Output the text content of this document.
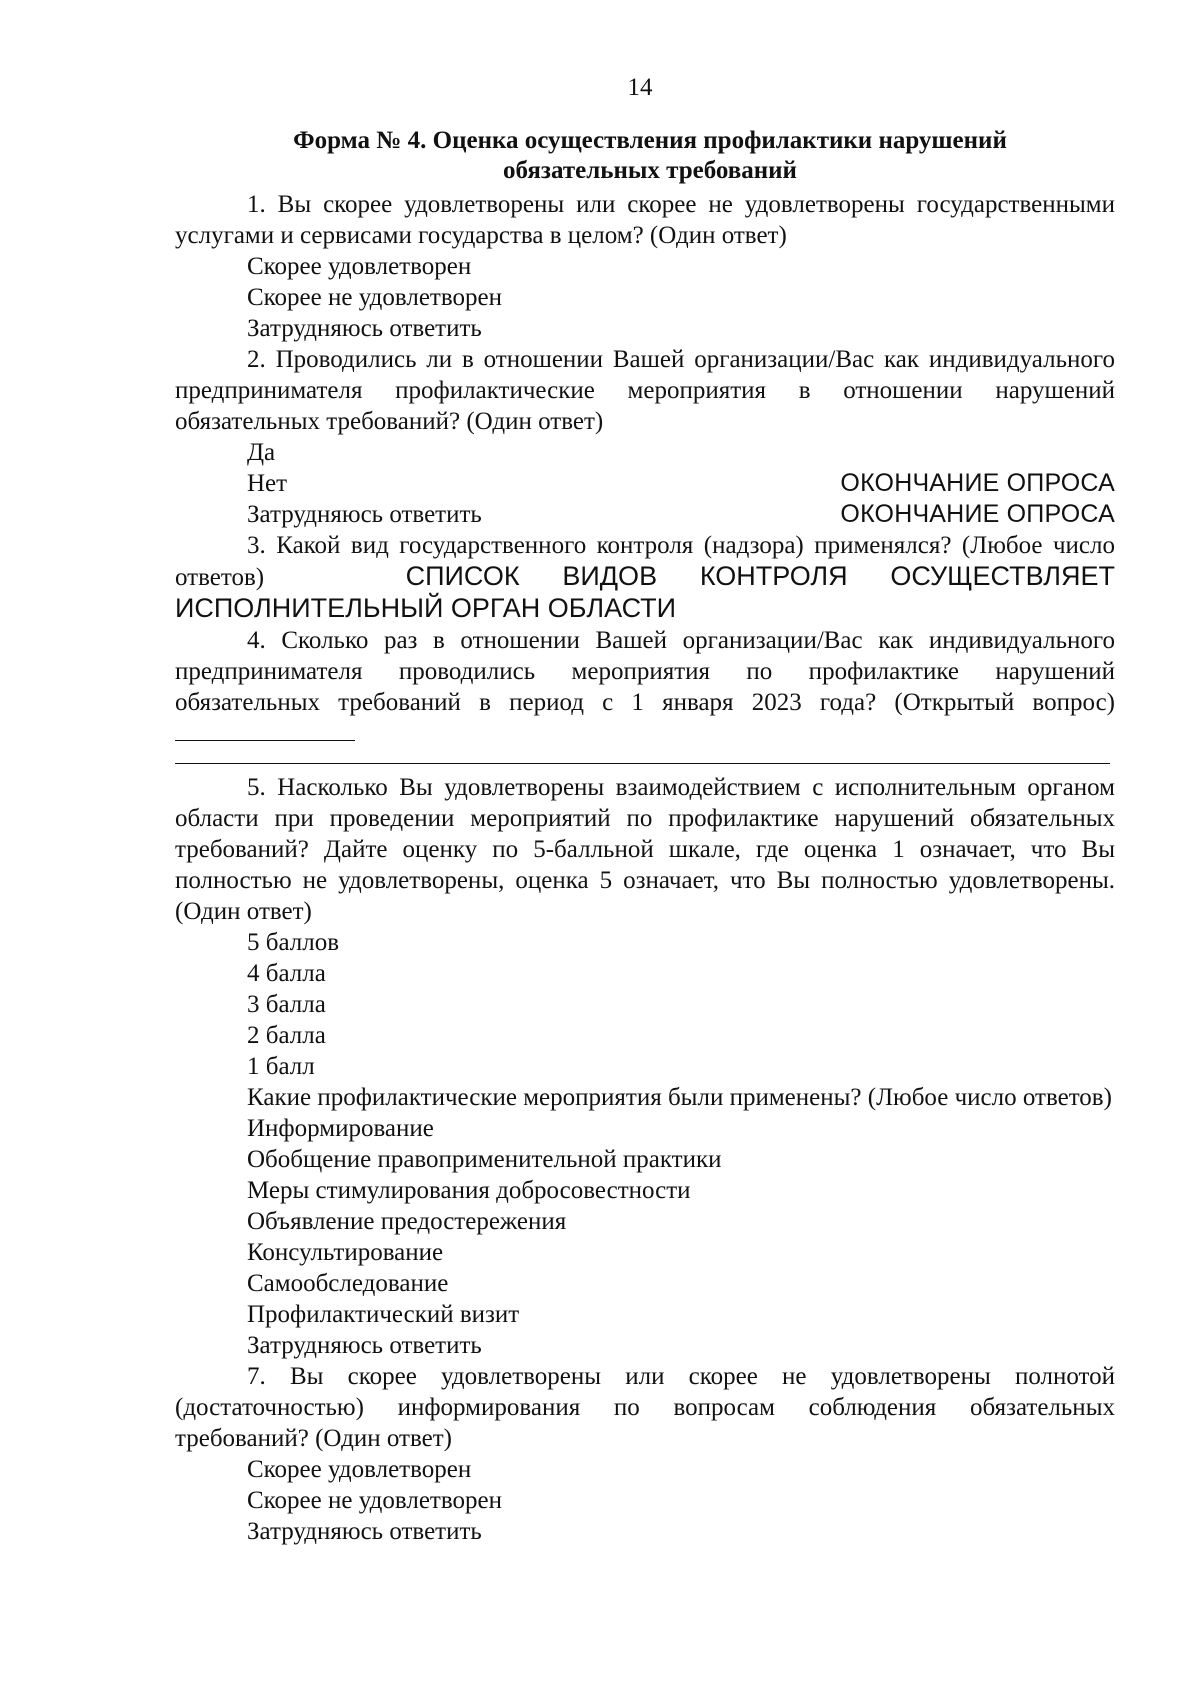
14
Форма № 4. Оценка осуществления профилактики нарушений
обязательных требований

1. Вы скорее удовлетворены или скорее не удовлетворены государственными услугами и сервисами государства в целом? (Один ответ)

Скорее удовлетворен
Скорее не удовлетворен
Затрудняюсь ответить

2. Проводились ли в отношении Вашей организации/Вас как индивидуального предпринимателя профилактические мероприятия в отношении нарушений обязательных требований? (Один ответ)

Да
Нет	ОКОНЧАНИЕ ОПРОСА
Затрудняюсь ответить	ОКОНЧАНИЕ ОПРОСА

3. Какой вид государственного контроля (надзора) применялся? (Любое число ответов)	СПИСОК ВИДОВ КОНТРОЛЯ ОСУЩЕСТВЛЯЕТ ИСПОЛНИТЕЛЬНЫЙ ОРГАН ОБЛАСТИ

4. Сколько раз в отношении Вашей организации/Вас как индивидуального предпринимателя проводились мероприятия по профилактике нарушений обязательных требований в период с 1 января 2023 года? (Открытый вопрос)

5. Насколько Вы удовлетворены взаимодействием с исполнительным органом области при проведении мероприятий по профилактике нарушений обязательных требований? Дайте оценку по 5-балльной шкале, где оценка 1 означает, что Вы полностью не удовлетворены, оценка 5 означает, что Вы полностью удовлетворены. (Один ответ)

5 баллов
4 балла
3 балла
2 балла
1 балл

Какие профилактические мероприятия были применены? (Любое число ответов)

Информирование
Обобщение правоприменительной практики
Меры стимулирования добросовестности
Объявление предостережения
Консультирование
Самообследование
Профилактический визит
Затрудняюсь ответить

7. Вы скорее удовлетворены или скорее не удовлетворены полнотой (достаточностью) информирования по вопросам соблюдения обязательных требований? (Один ответ)

Скорее удовлетворен
Скорее не удовлетворен
Затрудняюсь ответить
